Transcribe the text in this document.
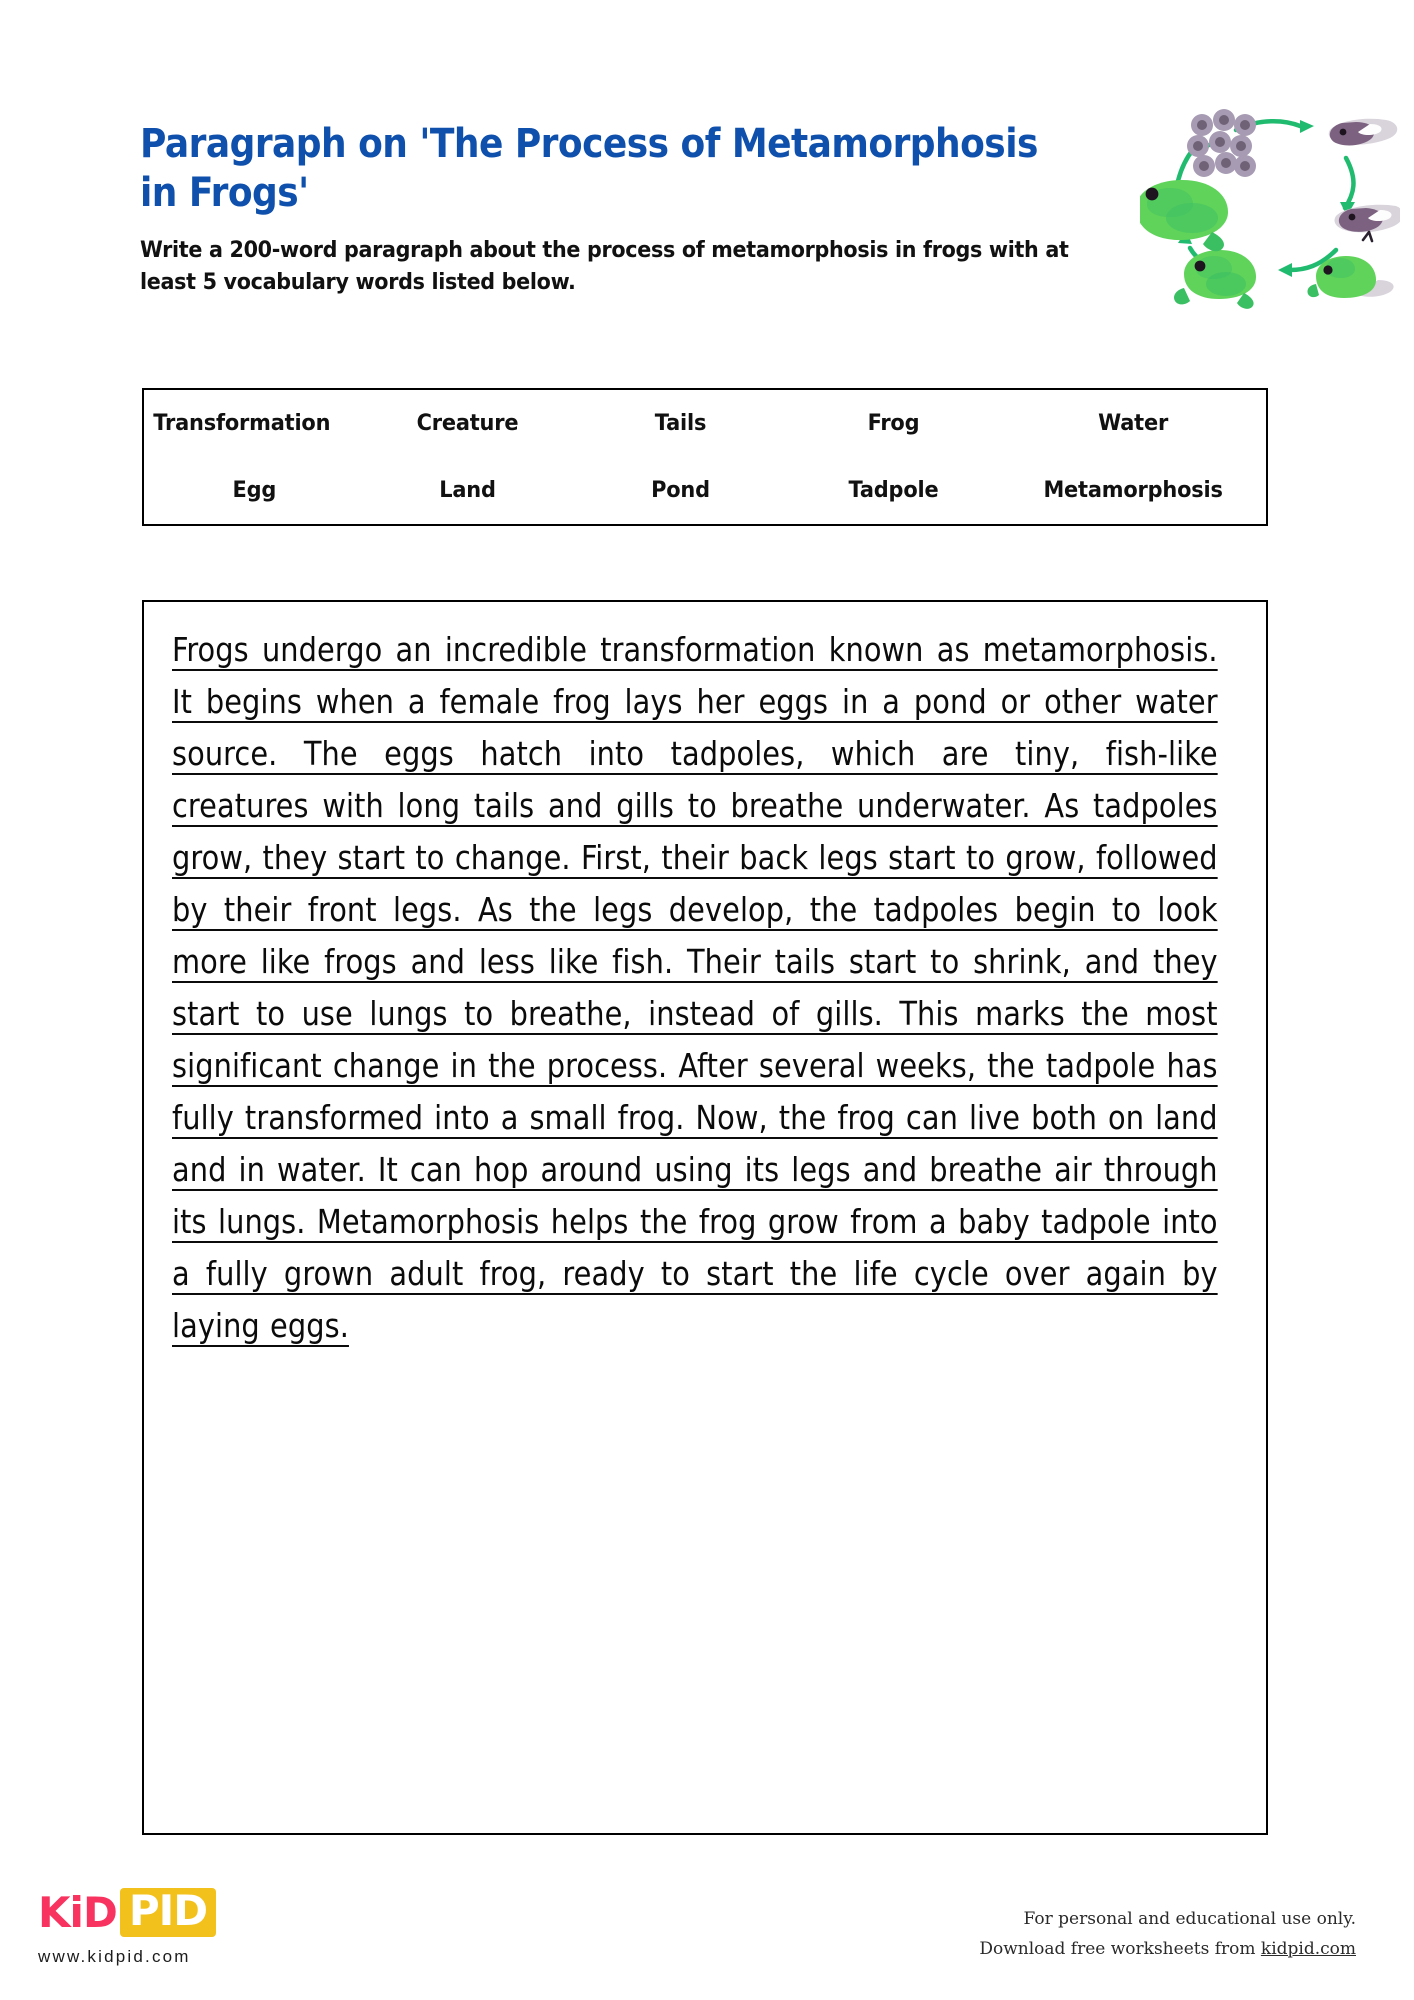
Paragraph on 'The Process of Metamorphosis in Frogs'

Write a 200-word paragraph about the process of metamorphosis in frogs with at least 5 vocabulary words listed below.

Transformation	Creature	Tails	Frog	Water
Egg	Land	Pond	Tadpole	Metamorphosis

Frogs undergo an incredible transformation known as metamorphosis. It begins when a female frog lays her eggs in a pond or other water source. The eggs hatch into tadpoles, which are tiny, fish-like creatures with long tails and gills to breathe underwater. As tadpoles grow, they start to change. First, their back legs start to grow, followed by their front legs. As the legs develop, the tadpoles begin to look more like frogs and less like fish. Their tails start to shrink, and they start to use lungs to breathe, instead of gills. This marks the most significant change in the process. After several weeks, the tadpole has fully transformed into a small frog. Now, the frog can live both on land and in water. It can hop around using its legs and breathe air through its lungs. Metamorphosis helps the frog grow from a baby tadpole into a fully grown adult frog, ready to start the life cycle over again by laying eggs.

KiD PID
www.kidpid.com
For personal and educational use only.
Download free worksheets from kidpid.com
